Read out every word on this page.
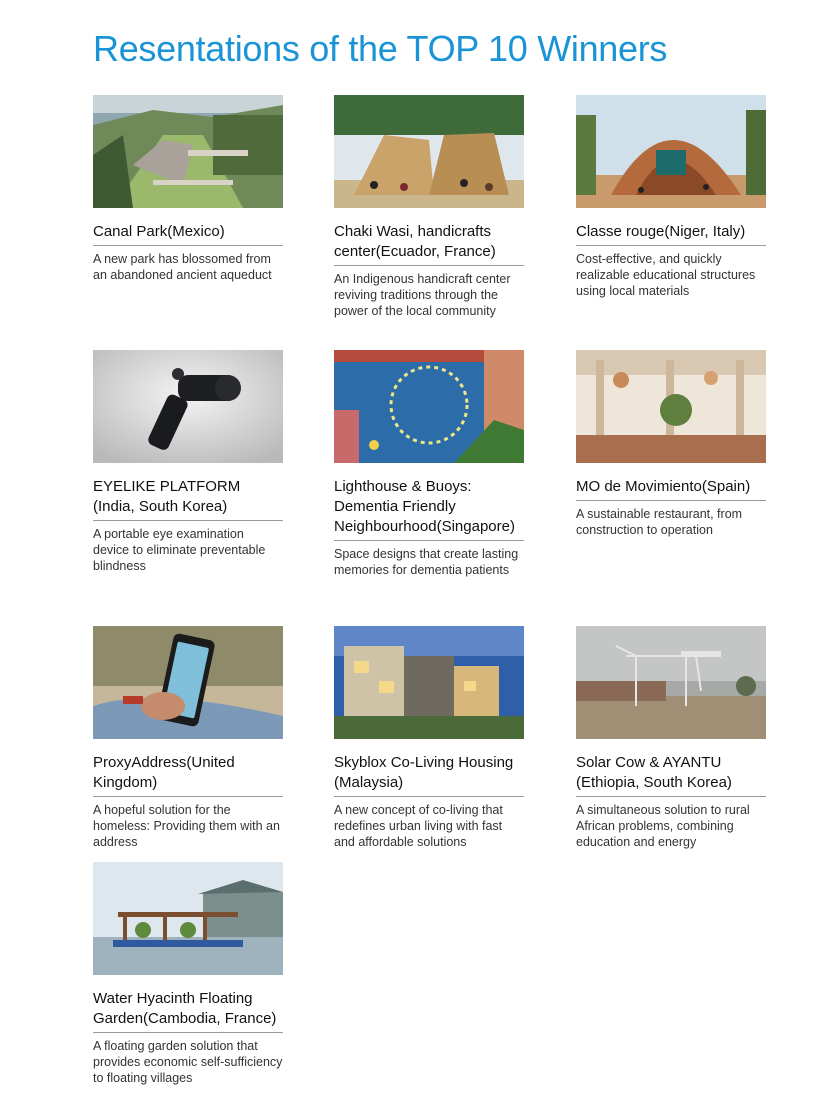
Resentations of the TOP 10 Winners

Canal Park(Mexico)

A new park has blossomed from an abandoned ancient aqueduct

Chaki Wasi, handicrafts center(Ecuador, France)

An Indigenous handicraft center reviving traditions through the power of the local community

Classe rouge(Niger, Italy)

Cost-effective, and quickly realizable educational structures using local materials

EYELIKE PLATFORM (India, South Korea)

A portable eye examination device to eliminate preventable blindness

Lighthouse & Buoys: Dementia Friendly Neighbourhood(Singapore)

Space designs that create lasting memories for dementia patients

MO de Movimiento(Spain)

A sustainable restaurant, from construction to operation

ProxyAddress(United Kingdom)

A hopeful solution for the homeless: Providing them with an address

Skyblox Co-Living Housing (Malaysia)

A new concept of co-living that redefines urban living with fast and affordable solutions

Solar Cow & AYANTU (Ethiopia, South Korea)

A simultaneous solution to rural African problems, combining education and energy

Water Hyacinth Floating Garden(Cambodia, France)

A floating garden solution that provides economic self-sufficiency to floating villages
